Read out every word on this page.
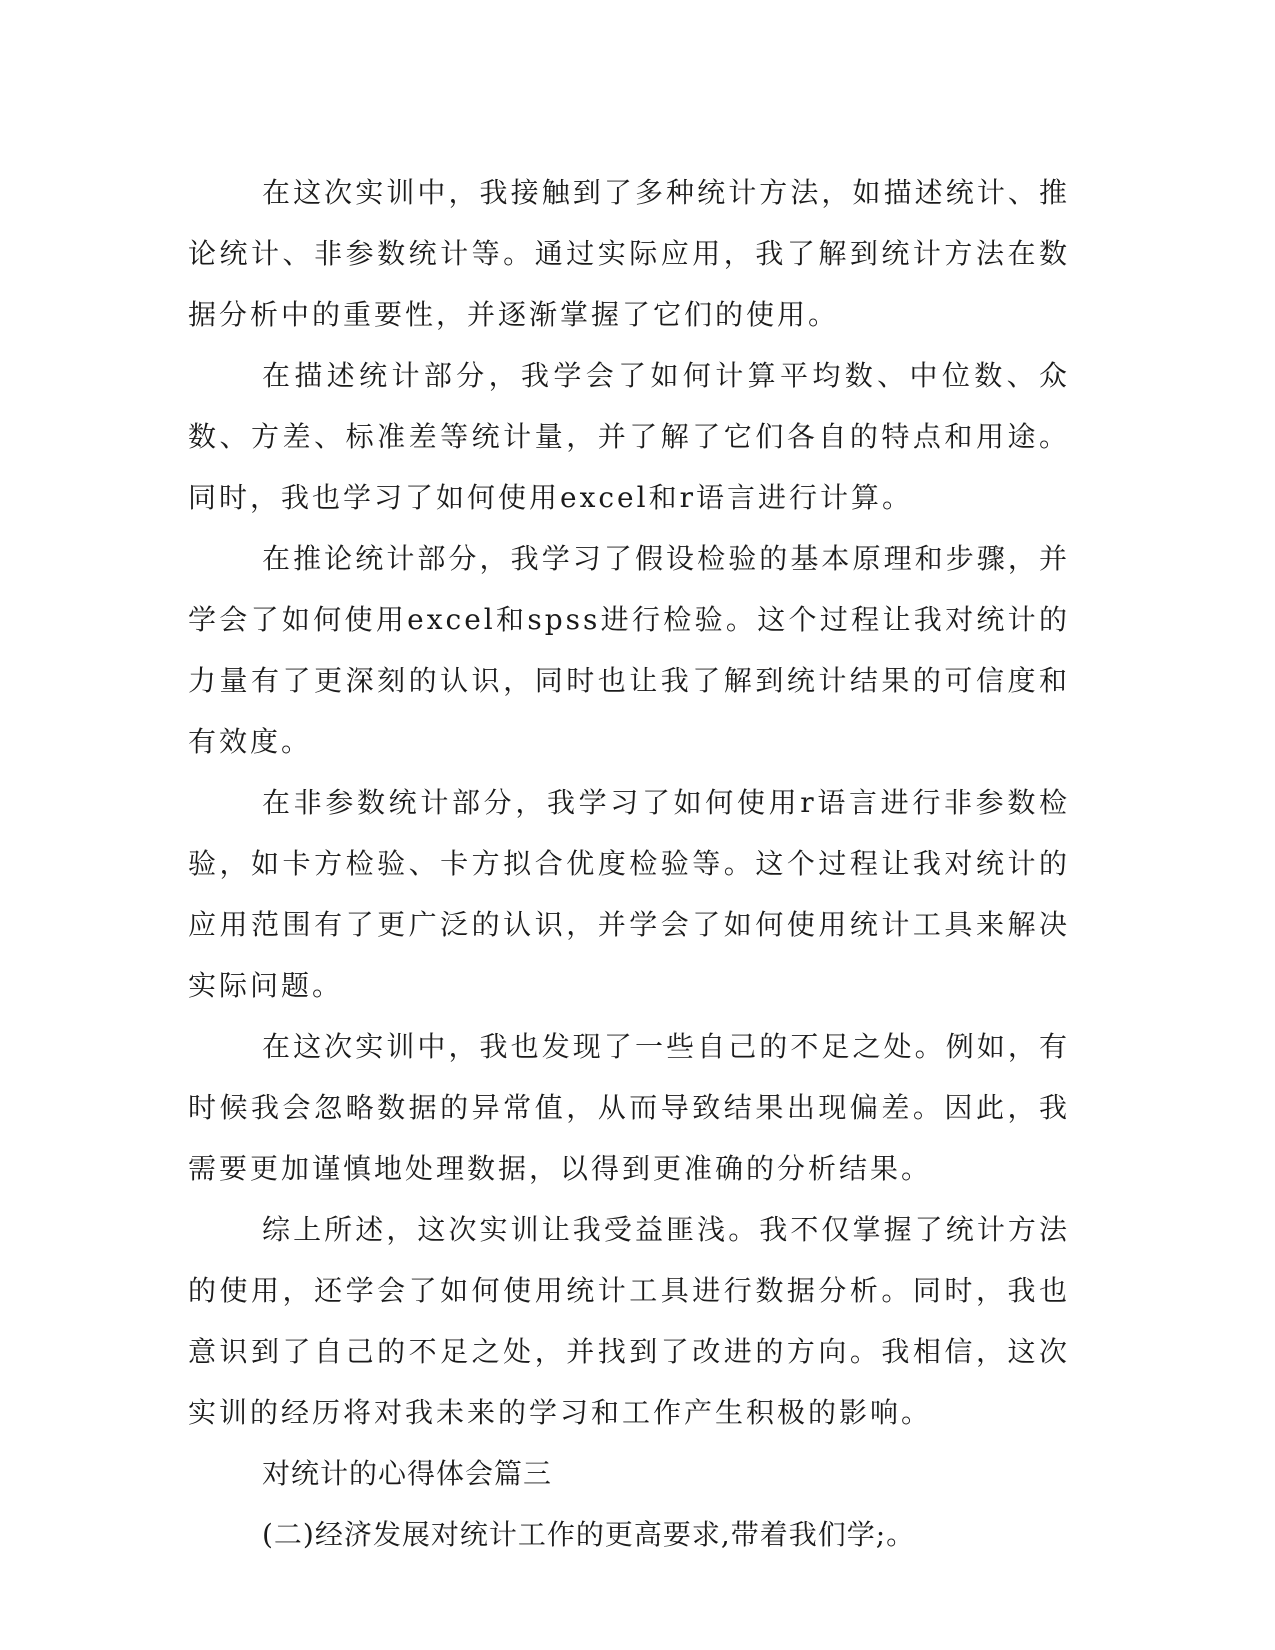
在这次实训中，我接触到了多种统计方法，如描述统计、推论统计、非参数统计等。通过实际应用，我了解到统计方法在数据分析中的重要性，并逐渐掌握了它们的使用。

在描述统计部分，我学会了如何计算平均数、中位数、众数、方差、标准差等统计量，并了解了它们各自的特点和用途。同时，我也学习了如何使用excel和r语言进行计算。

在推论统计部分，我学习了假设检验的基本原理和步骤，并学会了如何使用excel和spss进行检验。这个过程让我对统计的力量有了更深刻的认识，同时也让我了解到统计结果的可信度和有效度。

在非参数统计部分，我学习了如何使用r语言进行非参数检验，如卡方检验、卡方拟合优度检验等。这个过程让我对统计的应用范围有了更广泛的认识，并学会了如何使用统计工具来解决实际问题。

在这次实训中，我也发现了一些自己的不足之处。例如，有时候我会忽略数据的异常值，从而导致结果出现偏差。因此，我需要更加谨慎地处理数据，以得到更准确的分析结果。

综上所述，这次实训让我受益匪浅。我不仅掌握了统计方法的使用，还学会了如何使用统计工具进行数据分析。同时，我也意识到了自己的不足之处，并找到了改进的方向。我相信，这次实训的经历将对我未来的学习和工作产生积极的影响。

对统计的心得体会篇三

(二)经济发展对统计工作的更高要求,带着我们学;。
